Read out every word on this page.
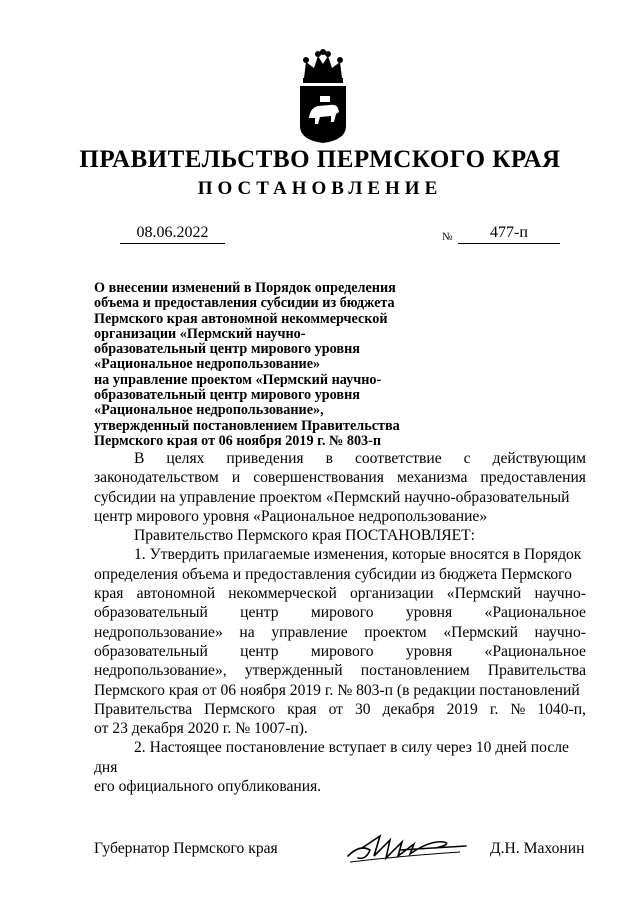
ПРАВИТЕЛЬСТВО ПЕРМСКОГО КРАЯ
ПОСТАНОВЛЕНИЕ
08.06.2022	№	477-п
О внесении изменений в Порядок определения
объема и предоставления субсидии из бюджета
Пермского края автономной некоммерческой
организации «Пермский научно-
образовательный центр мирового уровня
«Рациональное недропользование»
на управление проектом «Пермский научно-
образовательный центр мирового уровня
«Рациональное недропользование»,
утвержденный постановлением Правительства
Пермского края от 06 ноября 2019 г. № 803-п
В целях приведения в соответствие с действующим
законодательством и совершенствования механизма предоставления
субсидии на управление проектом «Пермский научно-образовательный
центр мирового уровня «Рациональное недропользование»
Правительство Пермского края ПОСТАНОВЛЯЕТ:
1. Утвердить прилагаемые изменения, которые вносятся в Порядок
определения объема и предоставления субсидии из бюджета Пермского
края автономной некоммерческой организации «Пермский научно-
образовательный центр мирового уровня «Рациональное
недропользование» на управление проектом «Пермский научно-
образовательный центр мирового уровня «Рациональное
недропользование», утвержденный постановлением Правительства
Пермского края от 06 ноября 2019 г. № 803-п (в редакции постановлений
Правительства Пермского края от 30 декабря 2019 г. № 1040-п,
от 23 декабря 2020 г. № 1007-п).
2. Настоящее постановление вступает в силу через 10 дней после дня
его официального опубликования.
Губернатор Пермского края	Д.Н. Махонин
